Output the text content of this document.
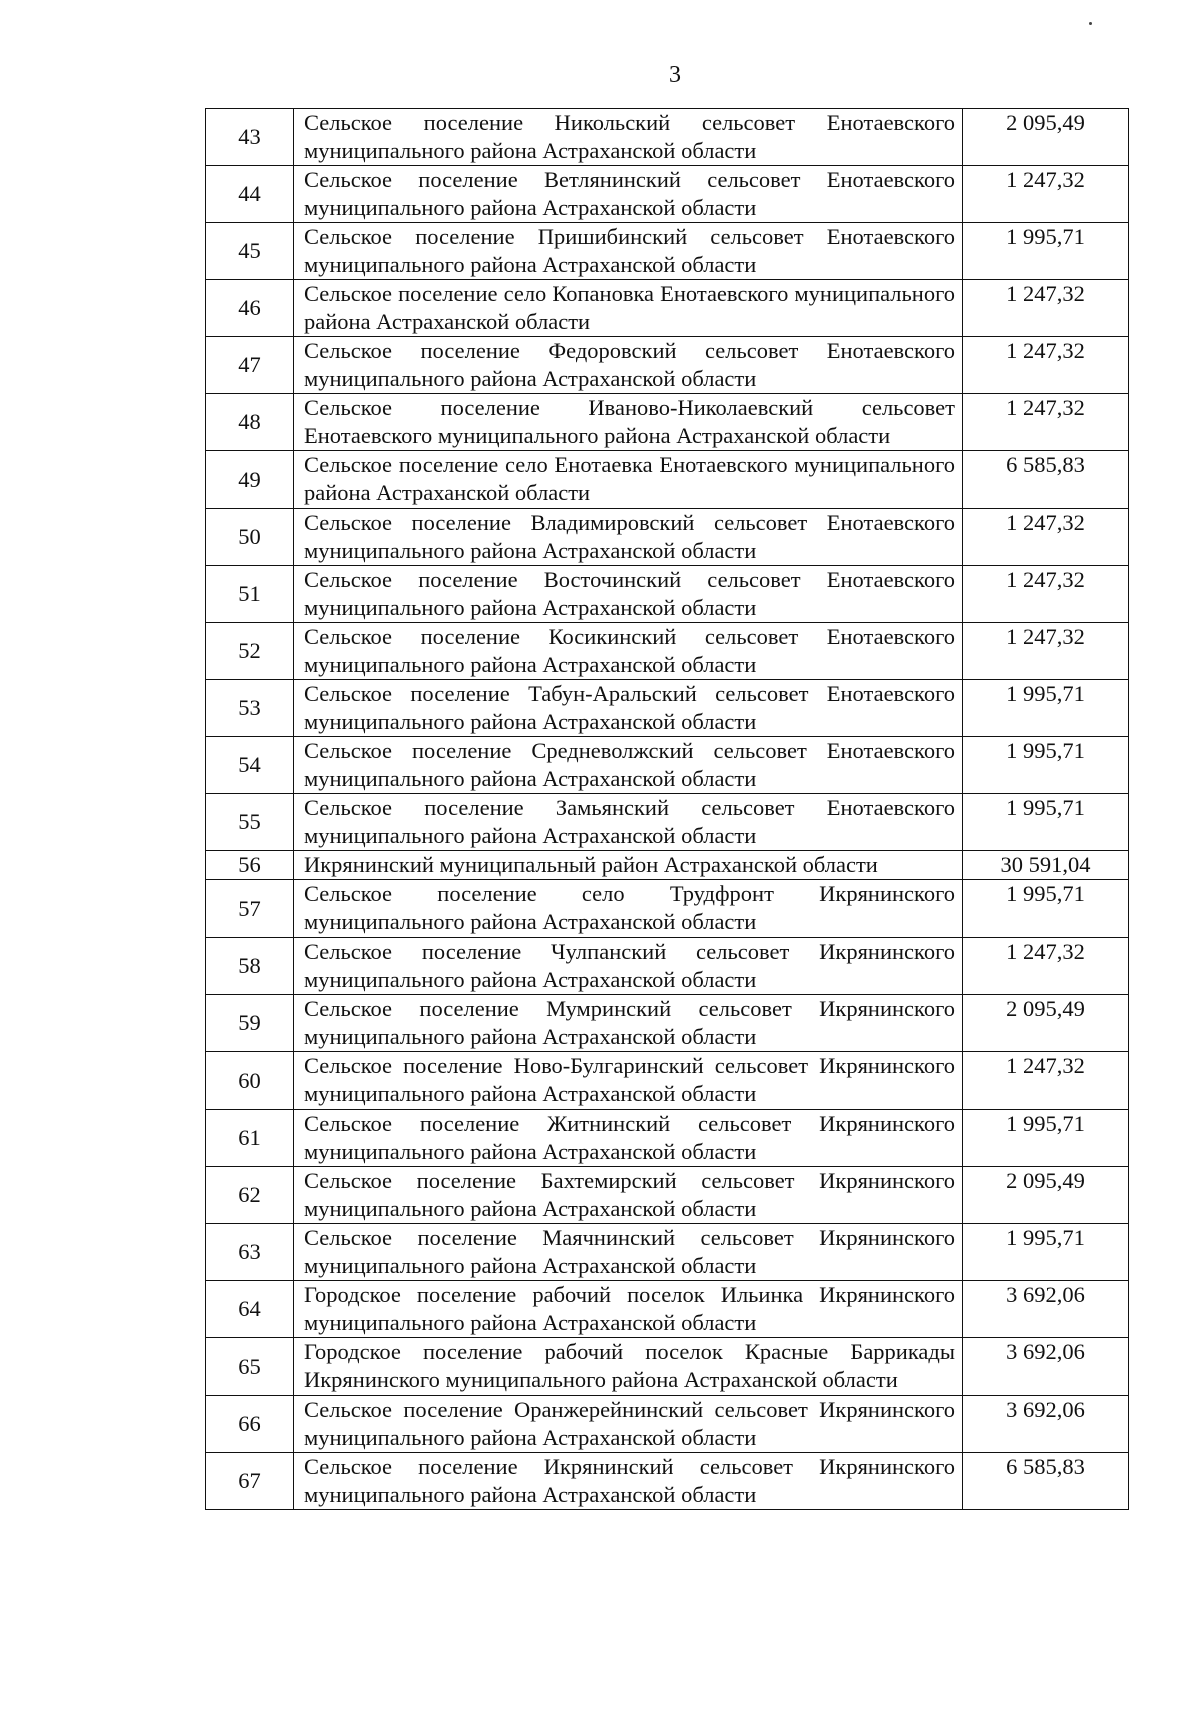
3
43	Сельское поселение Никольский сельсовет Енотаевского муниципального района Астраханской области	2 095,49
44	Сельское поселение Ветлянинский сельсовет Енотаевского муниципального района Астраханской области	1 247,32
45	Сельское поселение Пришибинский сельсовет Енотаевского муниципального района Астраханской области	1 995,71
46	Сельское поселение село Копановка Енотаевского муниципального района Астраханской области	1 247,32
47	Сельское поселение Федоровский сельсовет Енотаевского муниципального района Астраханской области	1 247,32
48	Сельское поселение Иваново-Николаевский сельсовет Енотаевского муниципального района Астраханской области	1 247,32
49	Сельское поселение село Енотаевка Енотаевского муниципального района Астраханской области	6 585,83
50	Сельское поселение Владимировский сельсовет Енотаевского муниципального района Астраханской области	1 247,32
51	Сельское поселение Восточинский сельсовет Енотаевского муниципального района Астраханской области	1 247,32
52	Сельское поселение Косикинский сельсовет Енотаевского муниципального района Астраханской области	1 247,32
53	Сельское поселение Табун-Аральский сельсовет Енотаевского муниципального района Астраханской области	1 995,71
54	Сельское поселение Средневолжский сельсовет Енотаевского муниципального района Астраханской области	1 995,71
55	Сельское поселение Замьянский сельсовет Енотаевского муниципального района Астраханской области	1 995,71
56	Икрянинский муниципальный район Астраханской области	30 591,04
57	Сельское поселение село Трудфронт Икрянинского муниципального района Астраханской области	1 995,71
58	Сельское поселение Чулпанский сельсовет Икрянинского муниципального района Астраханской области	1 247,32
59	Сельское поселение Мумринский сельсовет Икрянинского муниципального района Астраханской области	2 095,49
60	Сельское поселение Ново-Булгаринский сельсовет Икрянинского муниципального района Астраханской области	1 247,32
61	Сельское поселение Житнинский сельсовет Икрянинского муниципального района Астраханской области	1 995,71
62	Сельское поселение Бахтемирский сельсовет Икрянинского муниципального района Астраханской области	2 095,49
63	Сельское поселение Маячнинский сельсовет Икрянинского муниципального района Астраханской области	1 995,71
64	Городское поселение рабочий поселок Ильинка Икрянинского муниципального района Астраханской области	3 692,06
65	Городское поселение рабочий поселок Красные Баррикады Икрянинского муниципального района Астраханской области	3 692,06
66	Сельское поселение Оранжерейнинский сельсовет Икрянинского муниципального района Астраханской области	3 692,06
67	Сельское поселение Икрянинский сельсовет Икрянинского муниципального района Астраханской области	6 585,83
